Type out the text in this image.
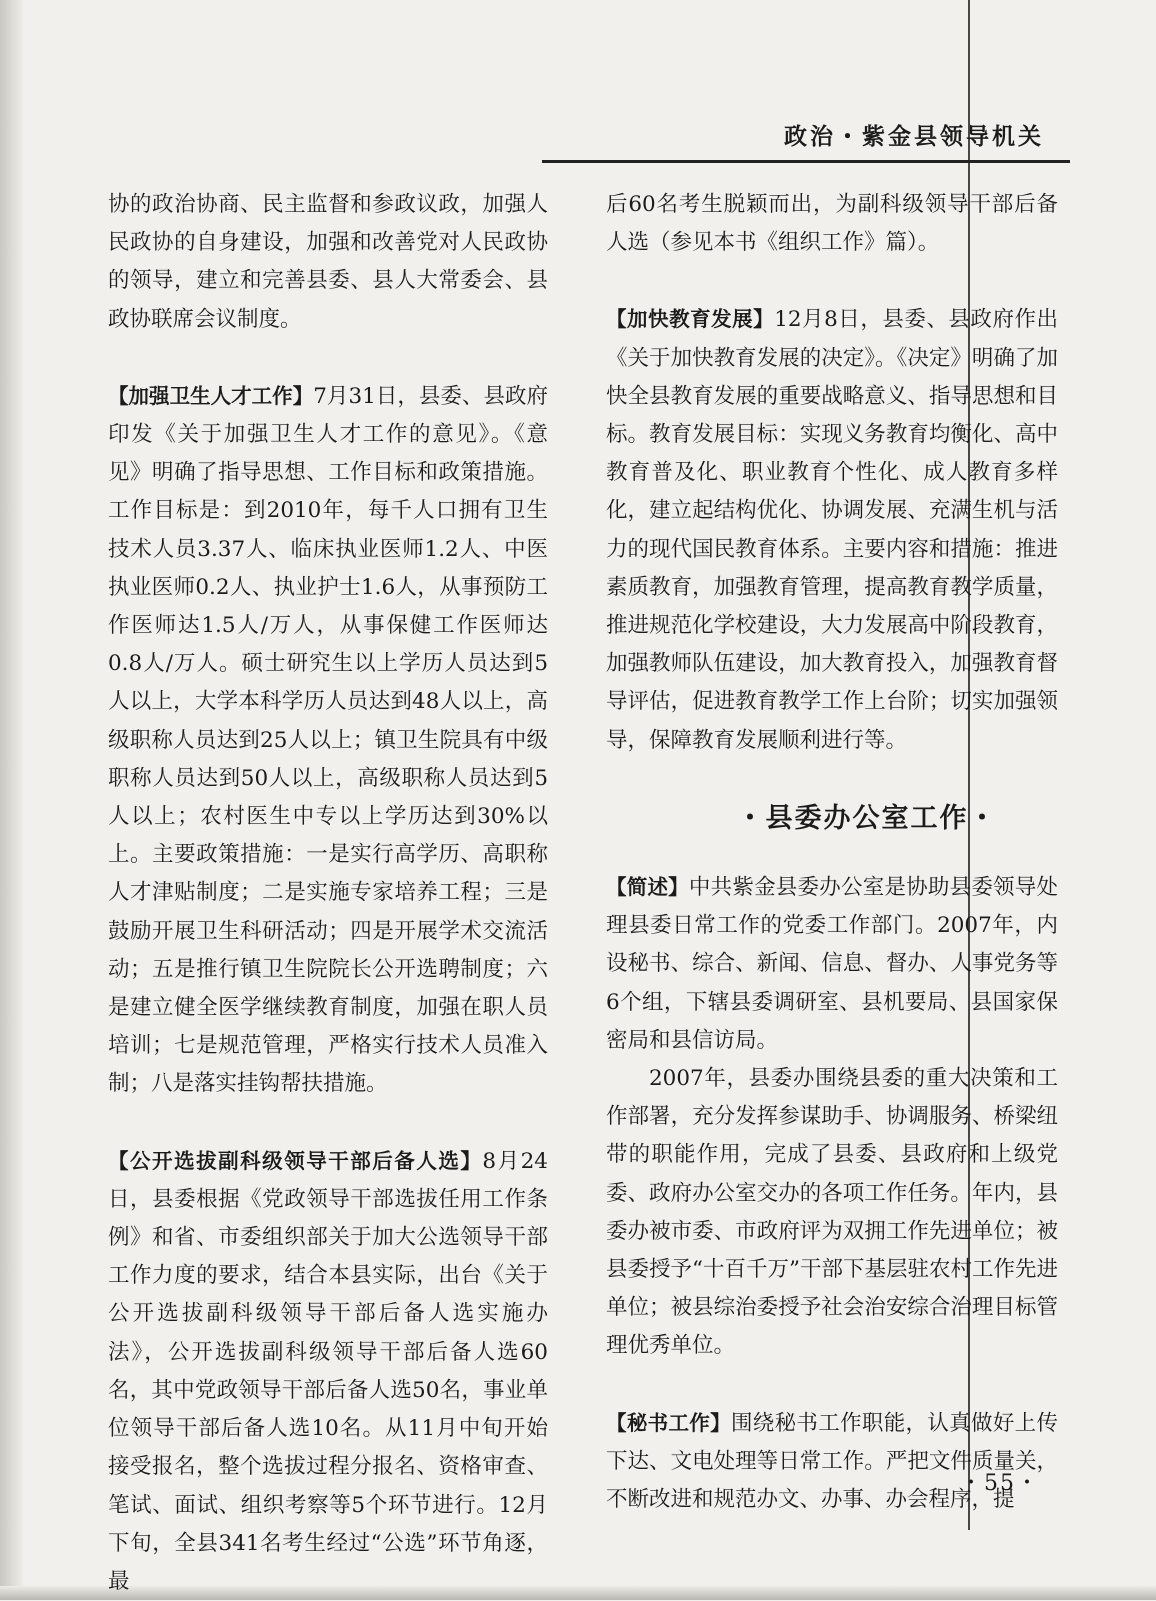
政治・紫金县领导机关

协的政治协商、民主监督和参政议政，加强人民政协的自身建设，加强和改善党对人民政协的领导，建立和完善县委、县人大常委会、县政协联席会议制度。

【加强卫生人才工作】7月31日，县委、县政府印发《关于加强卫生人才工作的意见》。《意见》明确了指导思想、工作目标和政策措施。工作目标是：到2010年，每千人口拥有卫生技术人员3.37人、临床执业医师1.2人、中医执业医师0.2人、执业护士1.6人，从事预防工作医师达1.5人/万人，从事保健工作医师达0.8人/万人。硕士研究生以上学历人员达到5人以上，大学本科学历人员达到48人以上，高级职称人员达到25人以上；镇卫生院具有中级职称人员达到50人以上，高级职称人员达到5人以上；农村医生中专以上学历达到30%以上。主要政策措施：一是实行高学历、高职称人才津贴制度；二是实施专家培养工程；三是鼓励开展卫生科研活动；四是开展学术交流活动；五是推行镇卫生院院长公开选聘制度；六是建立健全医学继续教育制度，加强在职人员培训；七是规范管理，严格实行技术人员准入制；八是落实挂钩帮扶措施。

【公开选拔副科级领导干部后备人选】8月24日，县委根据《党政领导干部选拔任用工作条例》和省、市委组织部关于加大公选领导干部工作力度的要求，结合本县实际，出台《关于公开选拔副科级领导干部后备人选实施办法》，公开选拔副科级领导干部后备人选60名，其中党政领导干部后备人选50名，事业单位领导干部后备人选10名。从11月中旬开始接受报名，整个选拔过程分报名、资格审查、笔试、面试、组织考察等5个环节进行。12月下旬，全县341名考生经过“公选”环节角逐，最

后60名考生脱颖而出，为副科级领导干部后备人选（参见本书《组织工作》篇）。

【加快教育发展】12月8日，县委、县政府作出《关于加快教育发展的决定》。《决定》明确了加快全县教育发展的重要战略意义、指导思想和目标。教育发展目标：实现义务教育均衡化、高中教育普及化、职业教育个性化、成人教育多样化，建立起结构优化、协调发展、充满生机与活力的现代国民教育体系。主要内容和措施：推进素质教育，加强教育管理，提高教育教学质量，推进规范化学校建设，大力发展高中阶段教育，加强教师队伍建设，加大教育投入，加强教育督导评估，促进教育教学工作上台阶；切实加强领导，保障教育发展顺利进行等。

・县委办公室工作・

【简述】中共紫金县委办公室是协助县委领导处理县委日常工作的党委工作部门。2007年，内设秘书、综合、新闻、信息、督办、人事党务等6个组，下辖县委调研室、县机要局、县国家保密局和县信访局。

2007年，县委办围绕县委的重大决策和工作部署，充分发挥参谋助手、协调服务、桥梁纽带的职能作用，完成了县委、县政府和上级党委、政府办公室交办的各项工作任务。年内，县委办被市委、市政府评为双拥工作先进单位；被县委授予“十百千万”干部下基层驻农村工作先进单位；被县综治委授予社会治安综合治理目标管理优秀单位。

【秘书工作】围绕秘书工作职能，认真做好上传下达、文电处理等日常工作。严把文件质量关，不断改进和规范办文、办事、办会程序，提

・55・
